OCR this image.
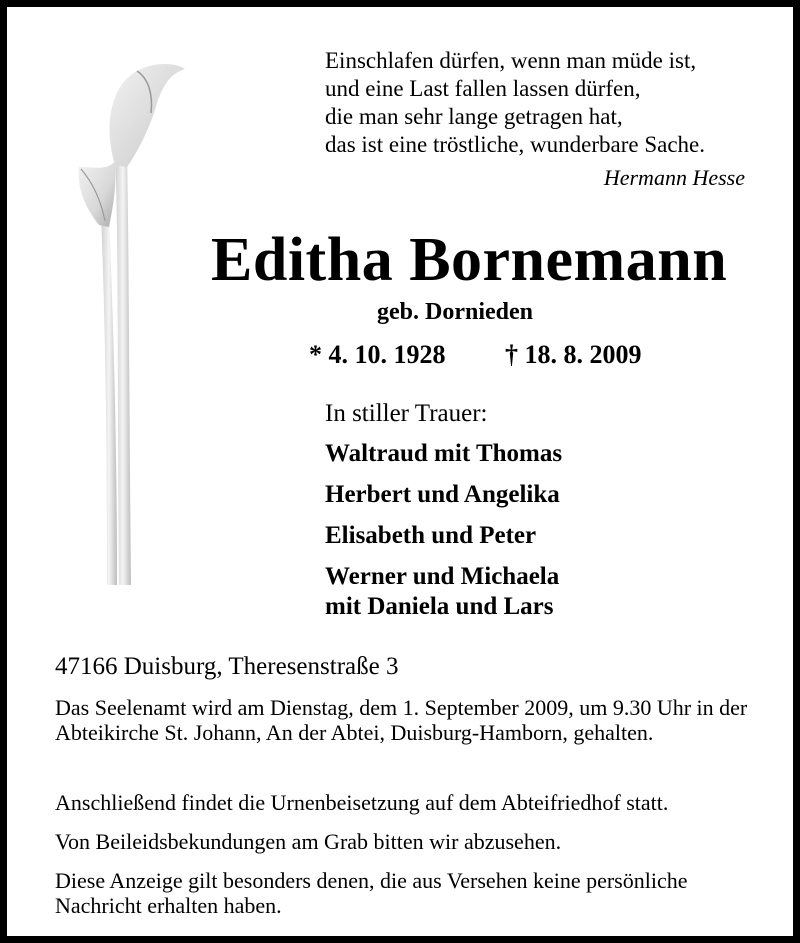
Einschlafen dürfen, wenn man müde ist,
und eine Last fallen lassen dürfen,
die man sehr lange getragen hat,
das ist eine tröstliche, wunderbare Sache.
Hermann Hesse
Editha Bornemann
geb. Dornieden
* 4. 10. 1928 † 18. 8. 2009
In stiller Trauer:
Waltraud mit Thomas
Herbert und Angelika
Elisabeth und Peter
Werner und Michaela
mit Daniela und Lars
47166 Duisburg, Theresenstraße 3
Das Seelenamt wird am Dienstag, dem 1. September 2009, um 9.30 Uhr in der Abteikirche St. Johann, An der Abtei, Duisburg-Hamborn, gehalten.
Anschließend findet die Urnenbeisetzung auf dem Abteifriedhof statt.
Von Beileidsbekundungen am Grab bitten wir abzusehen.
Diese Anzeige gilt besonders denen, die aus Versehen keine persönliche Nachricht erhalten haben.
